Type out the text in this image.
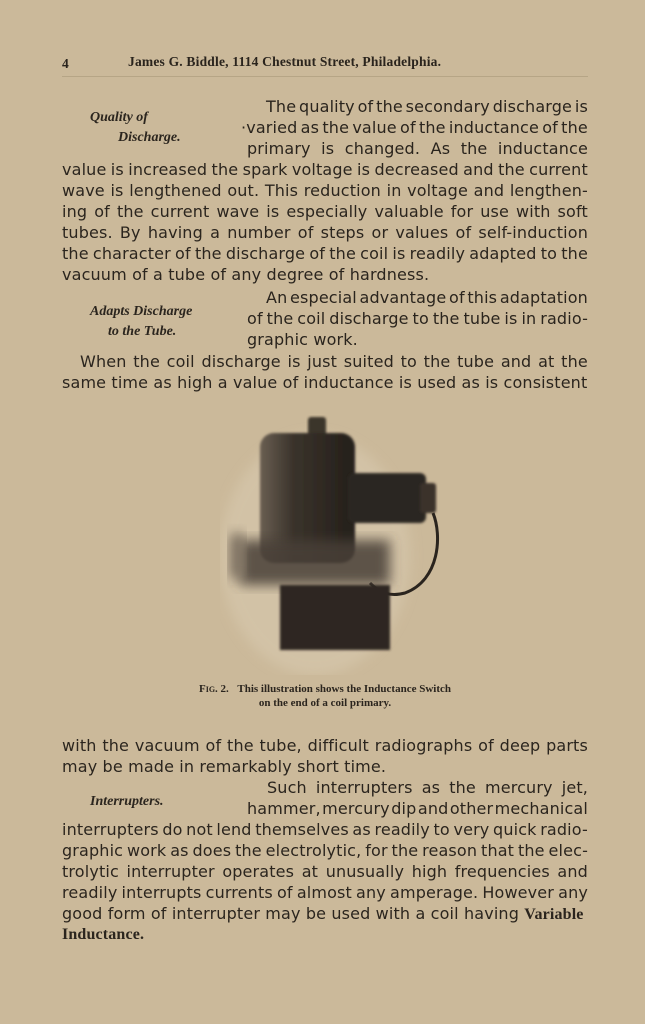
4	James G. Biddle, 1114 Chestnut Street, Philadelphia.
Quality of
Discharge.
The quality of the secondary discharge is
·varied as the value of the inductance of the
primary is changed. As the inductance
value is increased the spark voltage is decreased and the current
wave is lengthened out. This reduction in voltage and lengthen-
ing of the current wave is especially valuable for use with soft
tubes. By having a number of steps or values of self-induction
the character of the discharge of the coil is readily adapted to the
vacuum of a tube of any degree of hardness.
Adapts Discharge
to the Tube.
An especial advantage of this adaptation
of the coil discharge to the tube is in radio-
graphic work.
When the coil discharge is just suited to the tube and at the
same time as high a value of inductance is used as is consistent
Fig. 2. This illustration shows the Inductance Switch
on the end of a coil primary.
with the vacuum of the tube, difficult radiographs of deep parts
may be made in remarkably short time.
Interrupters.
Such interrupters as the mercury jet,
hammer, mercury dip and other mechanical
interrupters do not lend themselves as readily to very quick radio-
graphic work as does the electrolytic, for the reason that the elec-
trolytic interrupter operates at unusually high frequencies and
readily interrupts currents of almost any amperage. However any
good form of interrupter may be used with a coil having Variable
Inductance.
